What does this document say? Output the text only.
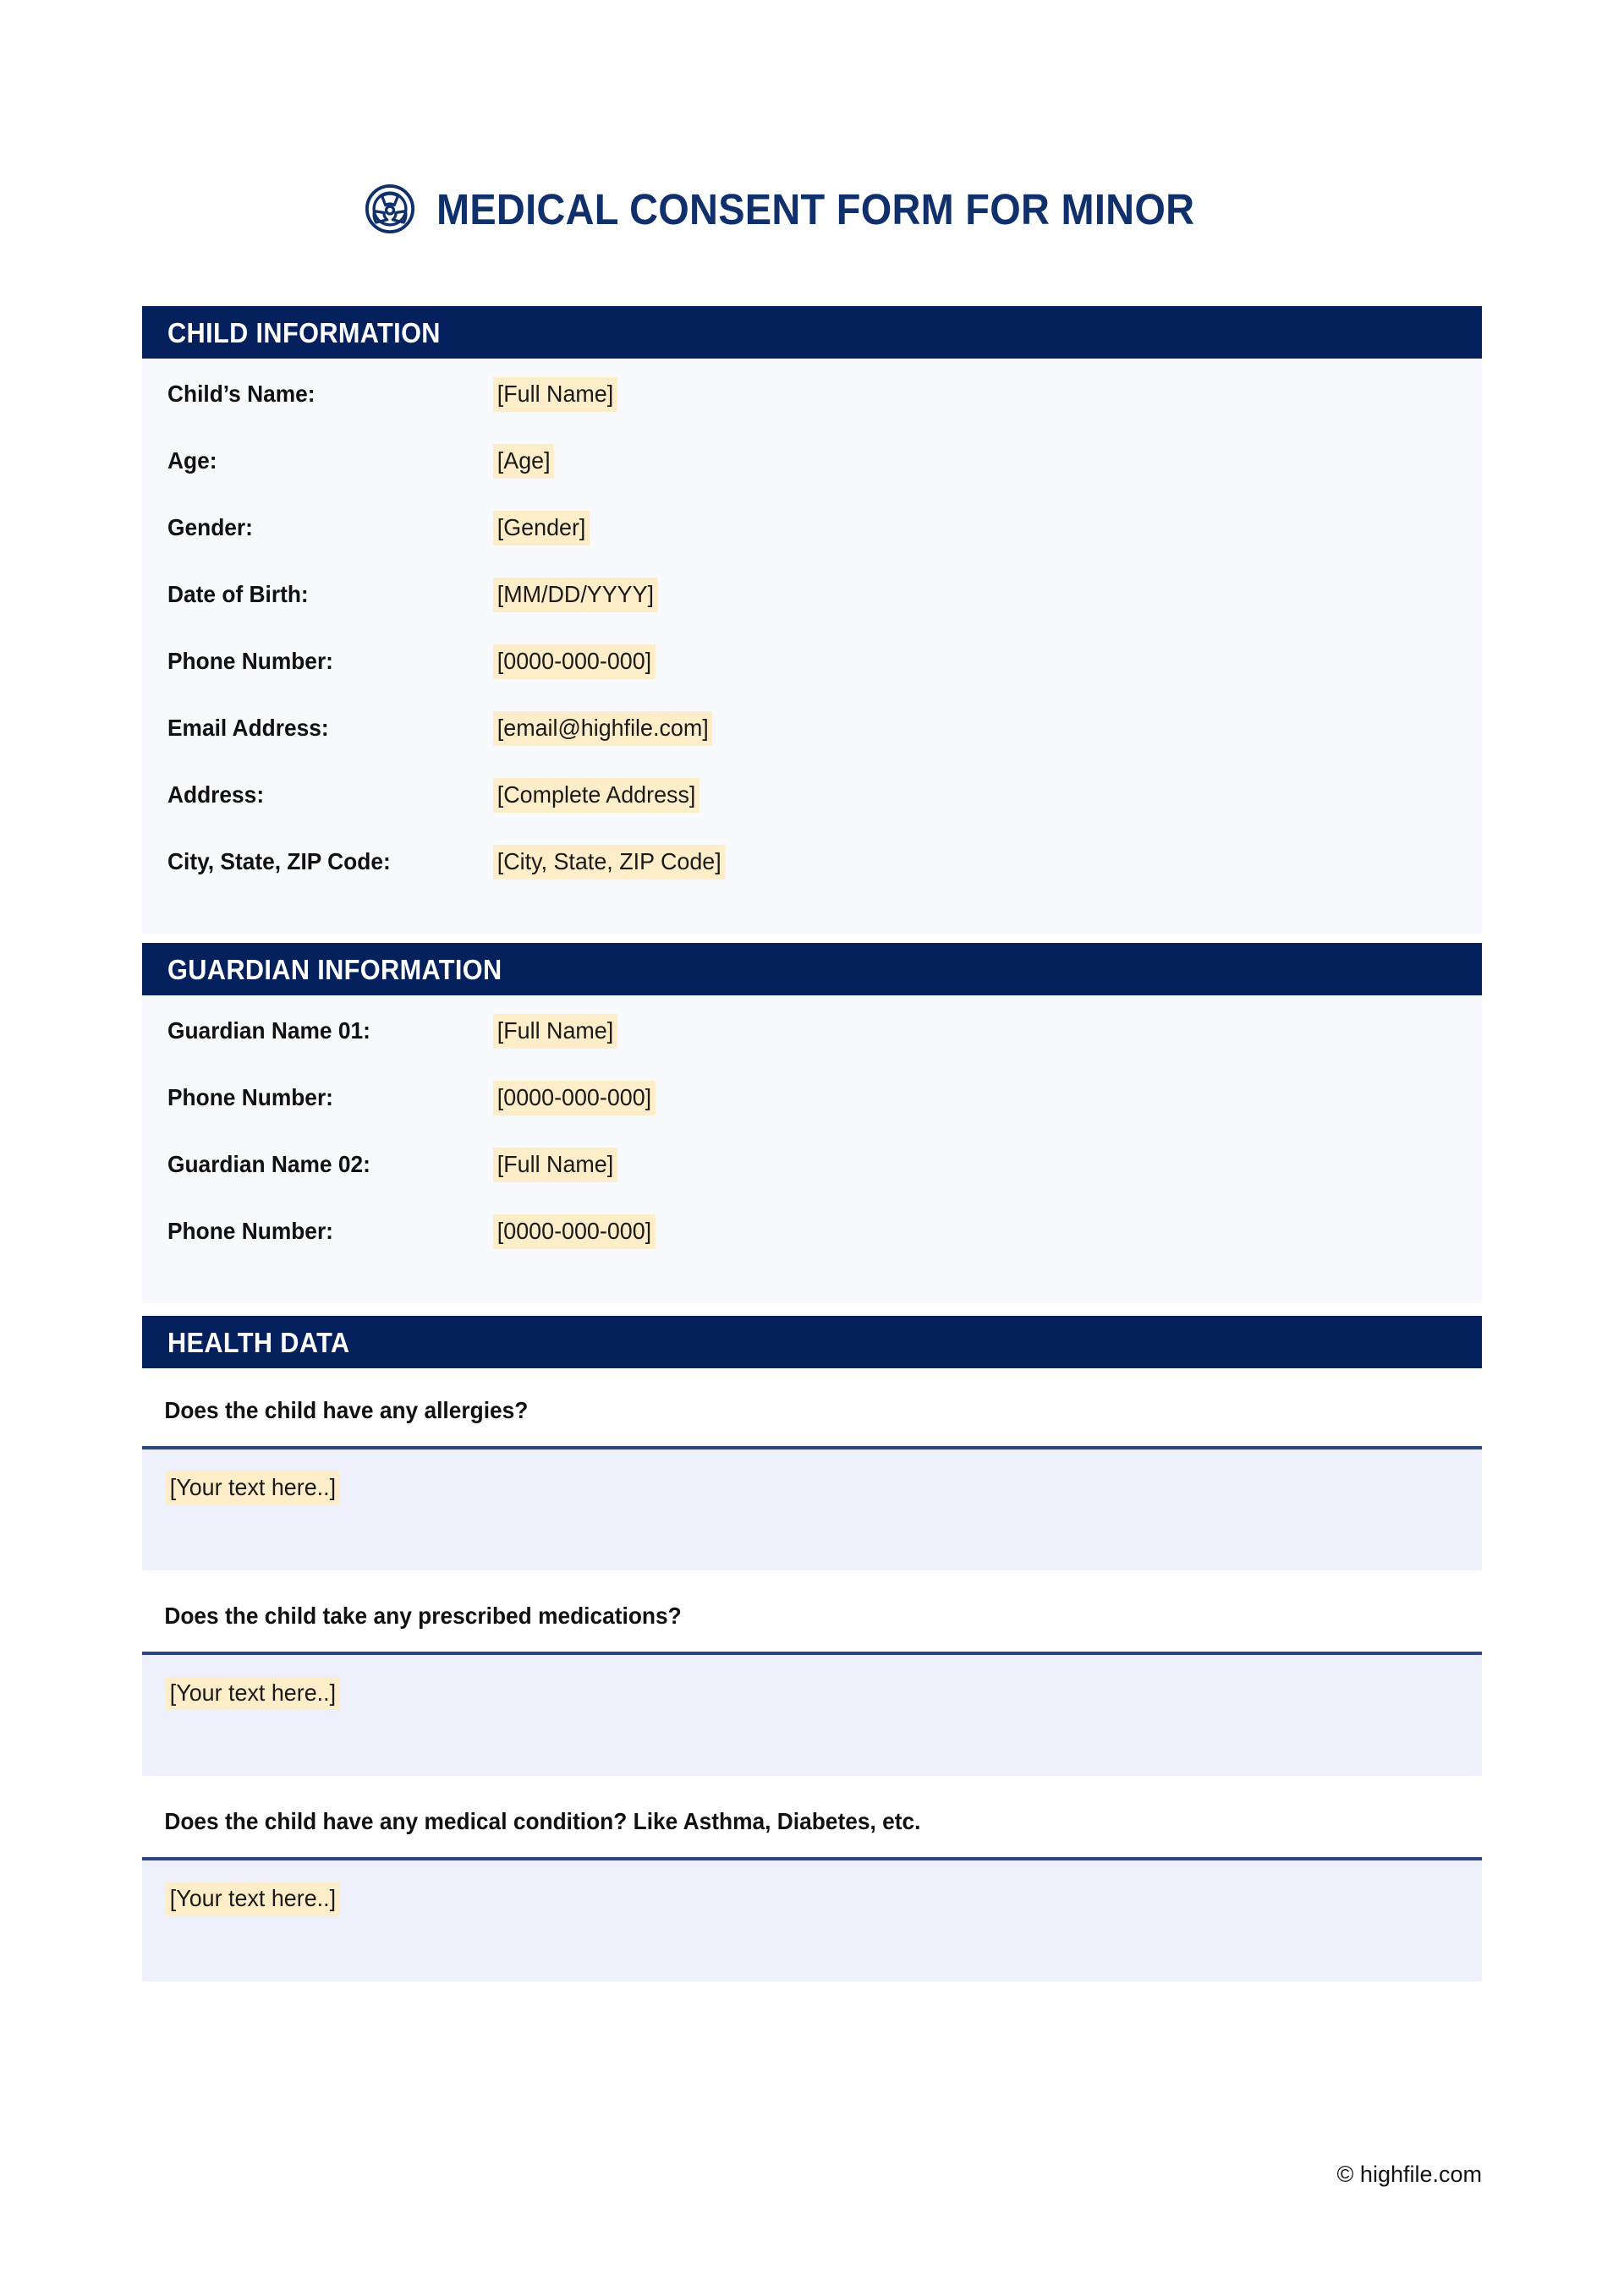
MEDICAL CONSENT FORM FOR MINOR
CHILD INFORMATION
Child’s Name:	[Full Name]
Age:	[Age]
Gender:	[Gender]
Date of Birth:	[MM/DD/YYYY]
Phone Number:	[0000-000-000]
Email Address:	[email@highfile.com]
Address:	[Complete Address]
City, State, ZIP Code:	[City, State, ZIP Code]
GUARDIAN INFORMATION
Guardian Name 01:	[Full Name]
Phone Number:	[0000-000-000]
Guardian Name 02:	[Full Name]
Phone Number:	[0000-000-000]
HEALTH DATA
Does the child have any allergies?
[Your text here..]
Does the child take any prescribed medications?
[Your text here..]
Does the child have any medical condition? Like Asthma, Diabetes, etc.
[Your text here..]
© highfile.com
